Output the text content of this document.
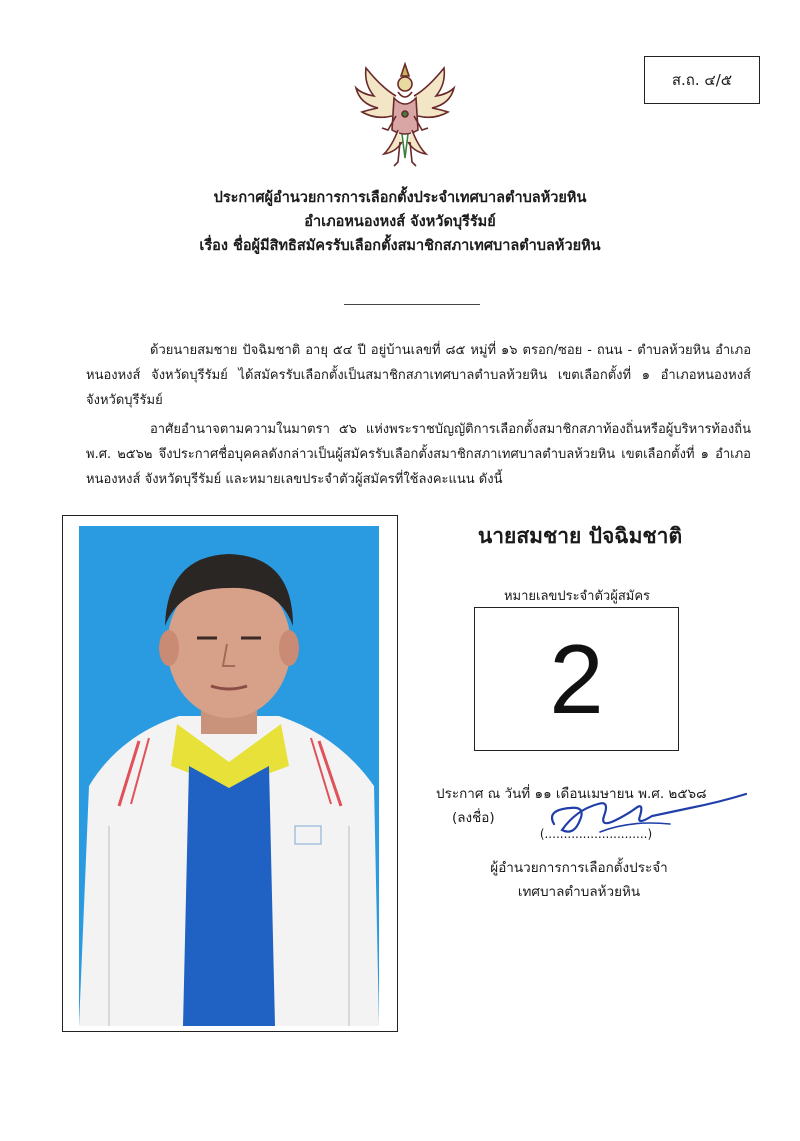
ส.ถ. ๔/๕
ประกาศผู้อำนวยการการเลือกตั้งประจำเทศบาลตำบลห้วยหิน
อำเภอหนองหงส์ จังหวัดบุรีรัมย์
เรื่อง ชื่อผู้มีสิทธิสมัครรับเลือกตั้งสมาชิกสภาเทศบาลตำบลห้วยหิน

ด้วยนายสมชาย ปัจฉิมชาติ อายุ ๕๔ ปี อยู่บ้านเลขที่ ๘๕ หมู่ที่ ๑๖ ตรอก/ซอย - ถนน - ตำบลห้วยหิน อำเภอหนองหงส์ จังหวัดบุรีรัมย์ ได้สมัครรับเลือกตั้งเป็นสมาชิกสภาเทศบาลตำบลห้วยหิน เขตเลือกตั้งที่ ๑ อำเภอหนองหงส์ จังหวัดบุรีรัมย์

อาศัยอำนาจตามความในมาตรา ๕๖ แห่งพระราชบัญญัติการเลือกตั้งสมาชิกสภาท้องถิ่นหรือผู้บริหารท้องถิ่น พ.ศ. ๒๕๖๒ จึงประกาศชื่อบุคคลดังกล่าวเป็นผู้สมัครรับเลือกตั้งสมาชิกสภาเทศบาลตำบลห้วยหิน เขตเลือกตั้งที่ ๑ อำเภอหนองหงส์ จังหวัดบุรีรัมย์ และหมายเลขประจำตัวผู้สมัครที่ใช้ลงคะแนน ดังนี้

นายสมชาย ปัจฉิมชาติ
หมายเลขประจำตัวผู้สมัคร
2
ประกาศ ณ วันที่ ๑๑ เดือนเมษายน พ.ศ. ๒๕๖๘
(ลงชื่อ)
(...........................)
ผู้อำนวยการการเลือกตั้งประจำ
เทศบาลตำบลห้วยหิน
